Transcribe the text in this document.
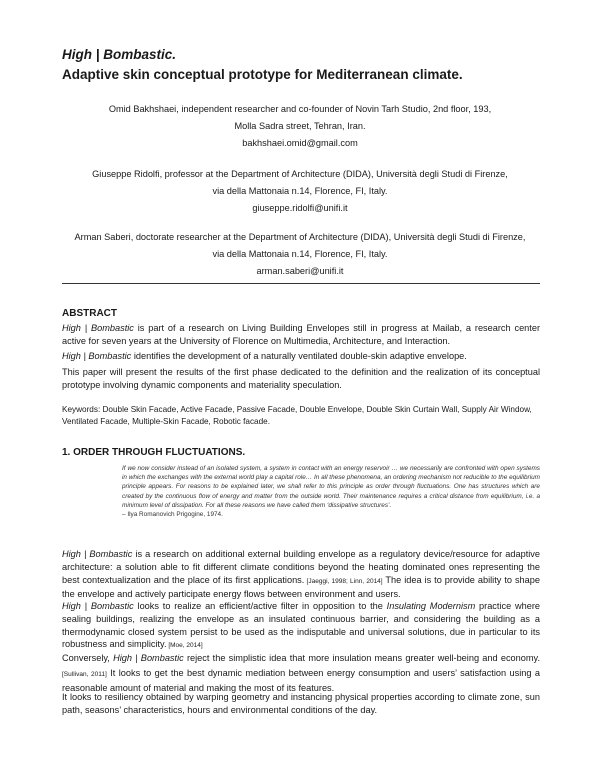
High | Bombastic.
Adaptive skin conceptual prototype for Mediterranean climate.
Omid Bakhshaei, independent researcher and co-founder of Novin Tarh Studio, 2nd floor, 193,
Molla Sadra street, Tehran, Iran.
bakhshaei.omid@gmail.com
Giuseppe Ridolfi, professor at the Department of Architecture (DIDA), Università degli Studi di Firenze,
via della Mattonaia n.14, Florence, FI, Italy.
giuseppe.ridolfi@unifi.it
Arman Saberi, doctorate researcher at the Department of Architecture (DIDA), Università degli Studi di Firenze,
via della Mattonaia n.14, Florence, FI, Italy.
arman.saberi@unifi.it
ABSTRACT
High | Bombastic is part of a research on Living Building Envelopes still in progress at Mailab, a research center active for seven years at the University of Florence on Multimedia, Architecture, and Interaction.
High | Bombastic identifies the development of a naturally ventilated double-skin adaptive envelope.
This paper will present the results of the first phase dedicated to the definition and the realization of its conceptual prototype involving dynamic components and materiality speculation.
Keywords: Double Skin Facade, Active Facade, Passive Facade, Double Envelope, Double Skin Curtain Wall, Supply Air Window, Ventilated Facade, Multiple-Skin Facade, Robotic facade.
1. ORDER THROUGH FLUCTUATIONS.
If we now consider instead of an isolated system, a system in contact with an energy reservoir … we necessarily are confronted with open systems in which the exchanges with the external world play a capital role… In all these phenomena, an ordering mechanism not reducible to the equilibrium principle appears. For reasons to be explained later, we shall refer to this principle as order through fluctuations. One has structures which are created by the continuous flow of energy and matter from the outside world. Their maintenance requires a critical distance from equilibrium, i.e. a minimum level of dissipation. For all these reasons we have called them ‘dissipative structures’.
– Ilya Romanovich Prigogine, 1974.
High | Bombastic is a research on additional external building envelope as a regulatory device/resource for adaptive architecture: a solution able to fit different climate conditions beyond the heating dominated ones representing the best contextualization and the place of its first applications. [Jaeggi, 1998; Linn, 2014] The idea is to provide ability to shape the envelope and actively participate energy flows between environment and users.
High | Bombastic looks to realize an efficient/active filter in opposition to the Insulating Modernism practice where sealing buildings, realizing the envelope as an insulated continuous barrier, and considering the building as a thermodynamic closed system persist to be used as the indisputable and universal solutions, due in particular to its robustness and simplicity. [Moe, 2014]
Conversely, High | Bombastic reject the simplistic idea that more insulation means greater well-being and economy. [Sullivan, 2011] It looks to get the best dynamic mediation between energy consumption and users’ satisfaction using a reasonable amount of material and making the most of its features.
It looks to resiliency obtained by warping geometry and instancing physical properties according to climate zone, sun path, seasons’ characteristics, hours and environmental conditions of the day.
